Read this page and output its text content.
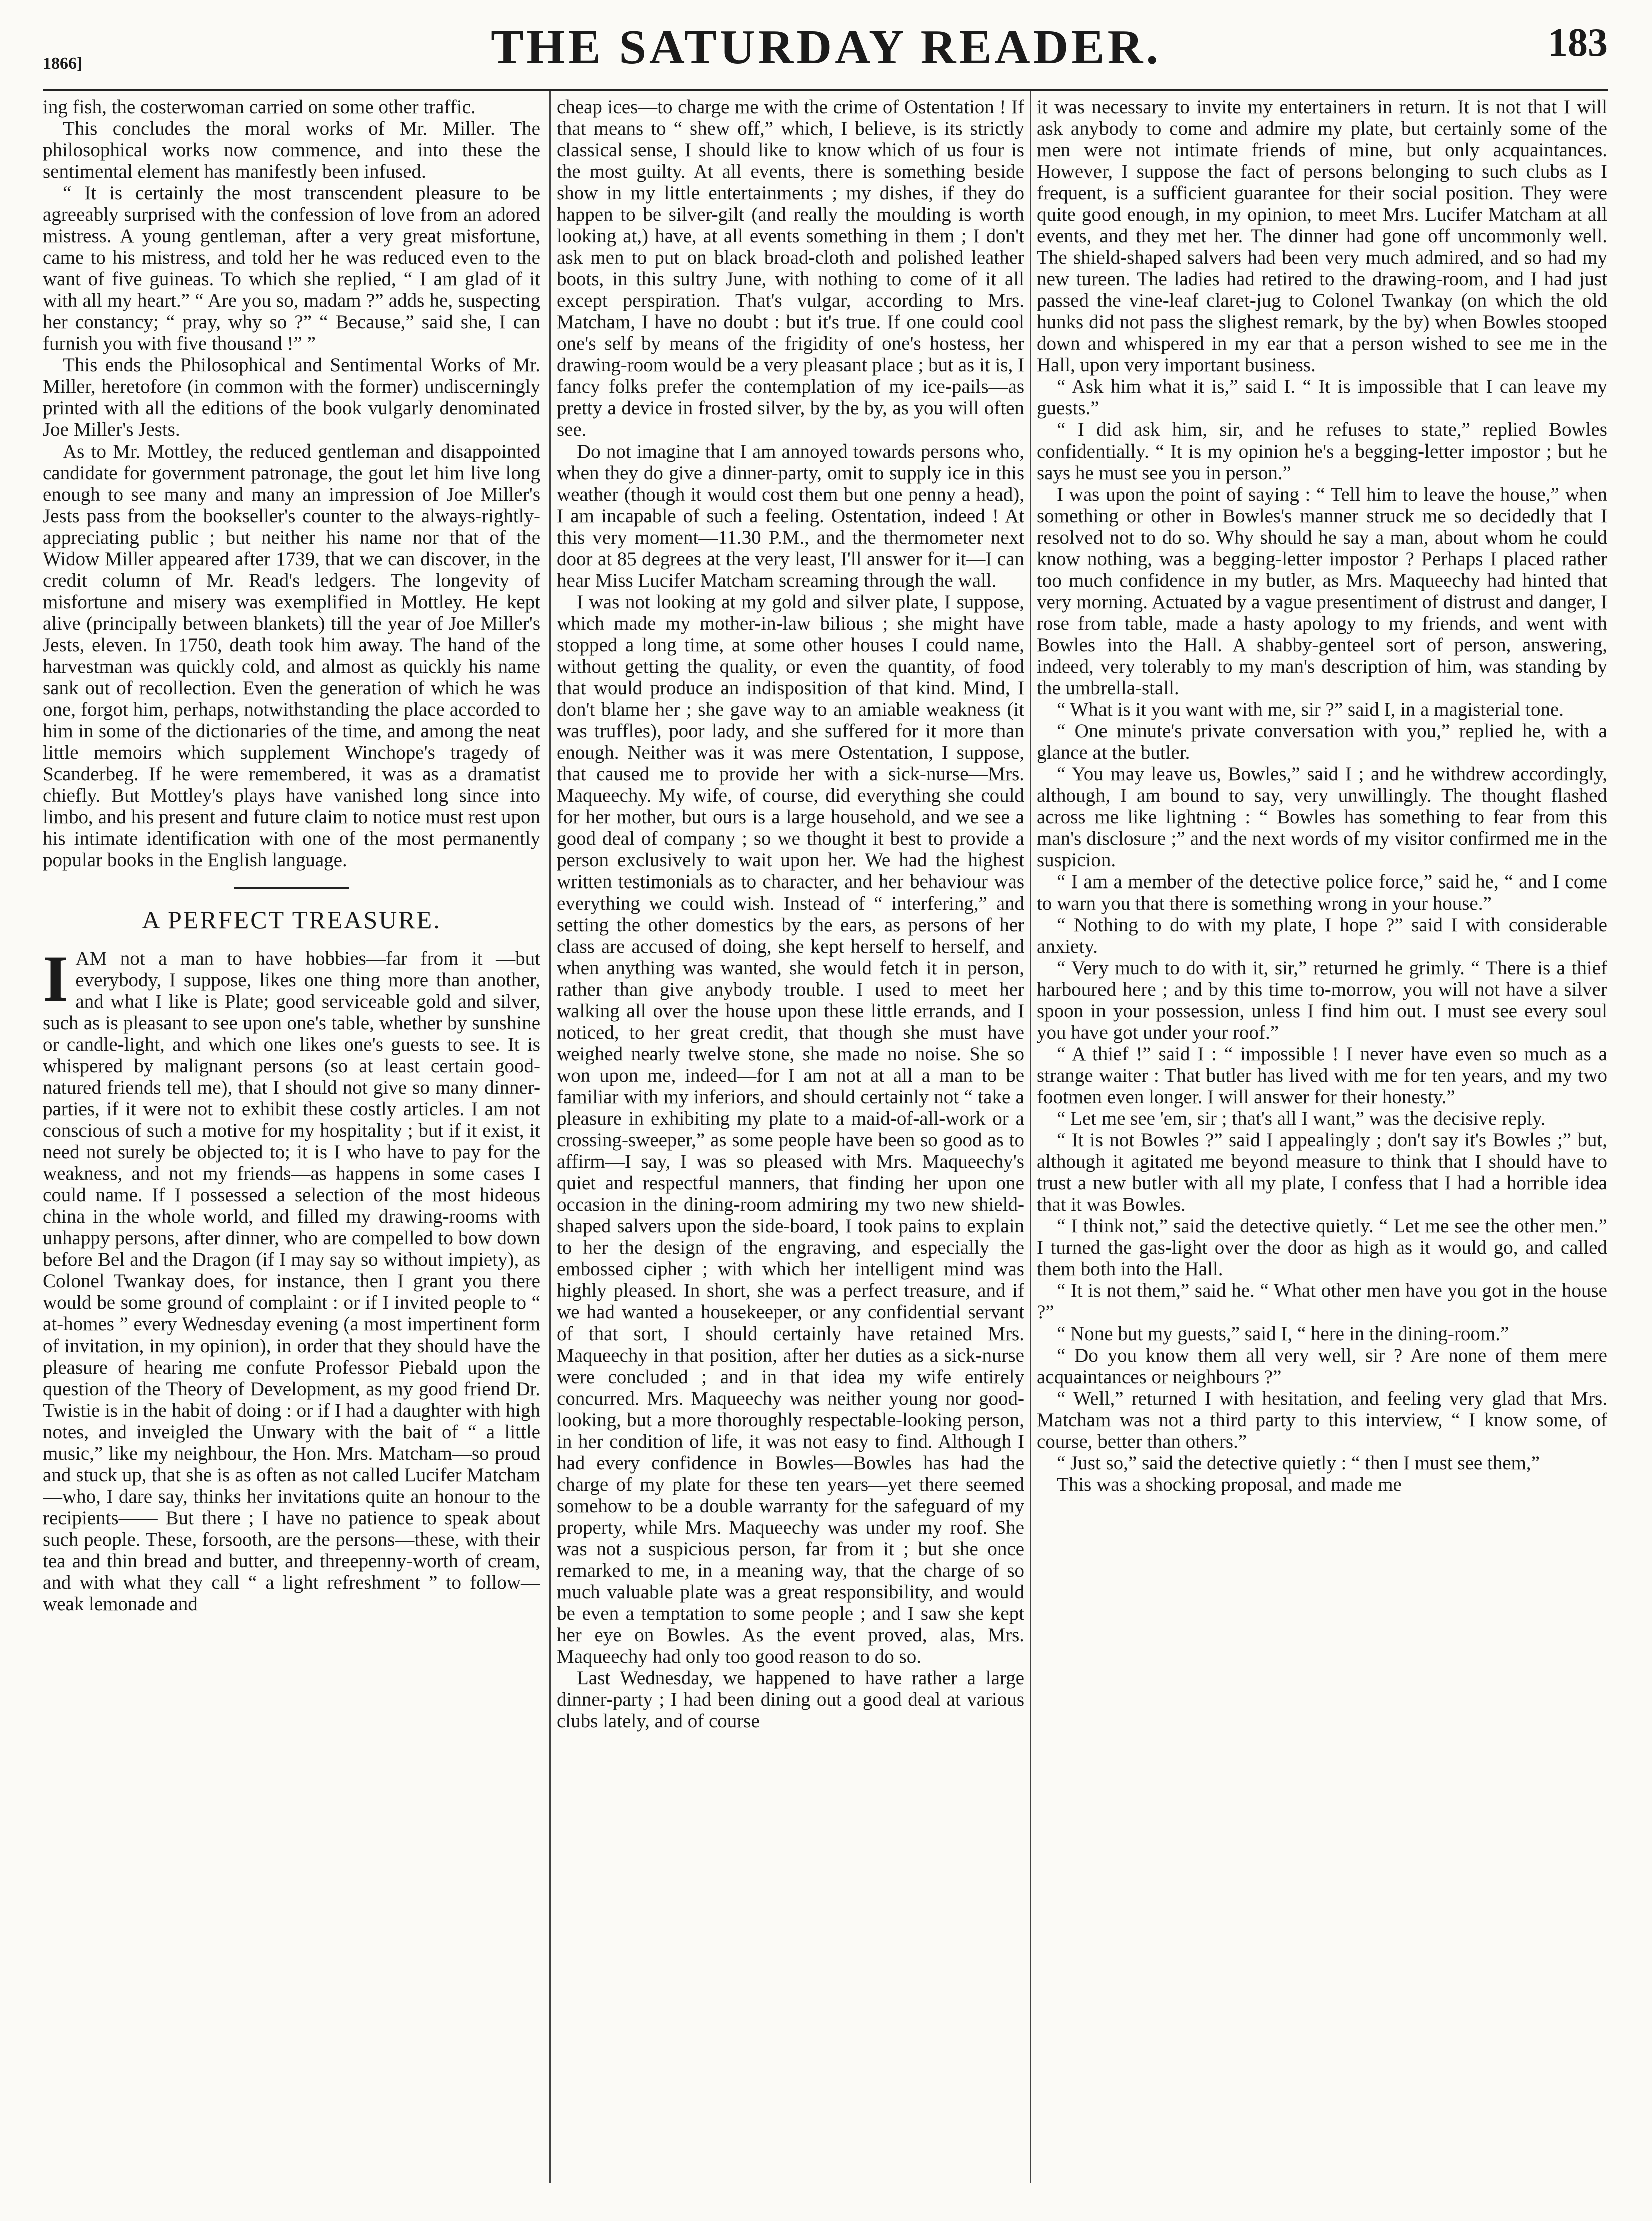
1866]	THE SATURDAY READER.	183

ing fish, the costerwoman carried on some other traffic.

This concludes the moral works of Mr. Miller. The philosophical works now commence, and into these the sentimental element has manifestly been infused.

“ It is certainly the most transcendent pleasure to be agreeably surprised with the confession of love from an adored mistress. A young gentleman, after a very great misfortune, came to his mistress, and told her he was reduced even to the want of five guineas. To which she replied, “ I am glad of it with all my heart.” “ Are you so, madam ?” adds he, suspecting her constancy; “ pray, why so ?” “ Because,” said she, I can furnish you with five thousand !” ”

This ends the Philosophical and Sentimental Works of Mr. Miller, heretofore (in common with the former) undiscerningly printed with all the editions of the book vulgarly denominated Joe Miller's Jests.

As to Mr. Mottley, the reduced gentleman and disappointed candidate for government patronage, the gout let him live long enough to see many and many an impression of Joe Miller's Jests pass from the bookseller's counter to the always-rightly-appreciating public ; but neither his name nor that of the Widow Miller appeared after 1739, that we can discover, in the credit column of Mr. Read's ledgers. The longevity of misfortune and misery was exemplified in Mottley. He kept alive (principally between blankets) till the year of Joe Miller's Jests, eleven. In 1750, death took him away. The hand of the harvestman was quickly cold, and almost as quickly his name sank out of recollection. Even the generation of which he was one, forgot him, perhaps, notwithstanding the place accorded to him in some of the dictionaries of the time, and among the neat little memoirs which supplement Winchope's tragedy of Scanderbeg. If he were remembered, it was as a dramatist chiefly. But Mottley's plays have vanished long since into limbo, and his present and future claim to notice must rest upon his intimate identification with one of the most permanently popular books in the English language.

A PERFECT TREASURE.

IAM not a man to have hobbies—far from it —but everybody, I suppose, likes one thing more than another, and what I like is Plate; good serviceable gold and silver, such as is pleasant to see upon one's table, whether by sunshine or candle-light, and which one likes one's guests to see. It is whispered by malignant persons (so at least certain good-natured friends tell me), that I should not give so many dinner-parties, if it were not to exhibit these costly articles. I am not conscious of such a motive for my hospitality ; but if it exist, it need not surely be objected to; it is I who have to pay for the weakness, and not my friends—as happens in some cases I could name. If I possessed a selection of the most hideous china in the whole world, and filled my drawing-rooms with unhappy persons, after dinner, who are compelled to bow down before Bel and the Dragon (if I may say so without impiety), as Colonel Twankay does, for instance, then I grant you there would be some ground of complaint : or if I invited people to “ at-homes ” every Wednesday evening (a most impertinent form of invitation, in my opinion), in order that they should have the pleasure of hearing me confute Professor Piebald upon the question of the Theory of Development, as my good friend Dr. Twistie is in the habit of doing : or if I had a daughter with high notes, and inveigled the Unwary with the bait of “ a little music,” like my neighbour, the Hon. Mrs. Matcham—so proud and stuck up, that she is as often as not called Lucifer Matcham—who, I dare say, thinks her invitations quite an honour to the recipients—— But there ; I have no patience to speak about such people. These, forsooth, are the persons—these, with their tea and thin bread and butter, and threepenny-worth of cream, and with what they call “ a light refreshment ” to follow—weak lemonade and

cheap ices—to charge me with the crime of Ostentation ! If that means to “ shew off,” which, I believe, is its strictly classical sense, I should like to know which of us four is the most guilty. At all events, there is something beside show in my little entertainments ; my dishes, if they do happen to be silver-gilt (and really the moulding is worth looking at,) have, at all events something in them ; I don't ask men to put on black broad-cloth and polished leather boots, in this sultry June, with nothing to come of it all except perspiration. That's vulgar, according to Mrs. Matcham, I have no doubt : but it's true. If one could cool one's self by means of the frigidity of one's hostess, her drawing-room would be a very pleasant place ; but as it is, I fancy folks prefer the contemplation of my ice-pails—as pretty a device in frosted silver, by the by, as you will often see.

Do not imagine that I am annoyed towards persons who, when they do give a dinner-party, omit to supply ice in this weather (though it would cost them but one penny a head), I am incapable of such a feeling. Ostentation, indeed ! At this very moment—11.30 P.M., and the thermometer next door at 85 degrees at the very least, I'll answer for it—I can hear Miss Lucifer Matcham screaming through the wall.

I was not looking at my gold and silver plate, I suppose, which made my mother-in-law bilious ; she might have stopped a long time, at some other houses I could name, without getting the quality, or even the quantity, of food that would produce an indisposition of that kind. Mind, I don't blame her ; she gave way to an amiable weakness (it was truffles), poor lady, and she suffered for it more than enough. Neither was it was mere Ostentation, I suppose, that caused me to provide her with a sick-nurse—Mrs. Maqueechy. My wife, of course, did everything she could for her mother, but ours is a large household, and we see a good deal of company ; so we thought it best to provide a person exclusively to wait upon her. We had the highest written testimonials as to character, and her behaviour was everything we could wish. Instead of “ interfering,” and setting the other domestics by the ears, as persons of her class are accused of doing, she kept herself to herself, and when anything was wanted, she would fetch it in person, rather than give anybody trouble. I used to meet her walking all over the house upon these little errands, and I noticed, to her great credit, that though she must have weighed nearly twelve stone, she made no noise. She so won upon me, indeed—for I am not at all a man to be familiar with my inferiors, and should certainly not “ take a pleasure in exhibiting my plate to a maid-of-all-work or a crossing-sweeper,” as some people have been so good as to affirm—I say, I was so pleased with Mrs. Maqueechy's quiet and respectful manners, that finding her upon one occasion in the dining-room admiring my two new shield-shaped salvers upon the side-board, I took pains to explain to her the design of the engraving, and especially the embossed cipher ; with which her intelligent mind was highly pleased. In short, she was a perfect treasure, and if we had wanted a housekeeper, or any confidential servant of that sort, I should certainly have retained Mrs. Maqueechy in that position, after her duties as a sick-nurse were concluded ; and in that idea my wife entirely concurred. Mrs. Maqueechy was neither young nor good-looking, but a more thoroughly respectable-looking person, in her condition of life, it was not easy to find. Although I had every confidence in Bowles—Bowles has had the charge of my plate for these ten years—yet there seemed somehow to be a double warranty for the safeguard of my property, while Mrs. Maqueechy was under my roof. She was not a suspicious person, far from it ; but she once remarked to me, in a meaning way, that the charge of so much valuable plate was a great responsibility, and would be even a temptation to some people ; and I saw she kept her eye on Bowles. As the event proved, alas, Mrs. Maqueechy had only too good reason to do so.

Last Wednesday, we happened to have rather a large dinner-party ; I had been dining out a good deal at various clubs lately, and of course

it was necessary to invite my entertainers in return. It is not that I will ask anybody to come and admire my plate, but certainly some of the men were not intimate friends of mine, but only acquaintances. However, I suppose the fact of persons belonging to such clubs as I frequent, is a sufficient guarantee for their social position. They were quite good enough, in my opinion, to meet Mrs. Lucifer Matcham at all events, and they met her. The dinner had gone off uncommonly well. The shield-shaped salvers had been very much admired, and so had my new tureen. The ladies had retired to the drawing-room, and I had just passed the vine-leaf claret-jug to Colonel Twankay (on which the old hunks did not pass the slighest remark, by the by) when Bowles stooped down and whispered in my ear that a person wished to see me in the Hall, upon very important business.

“ Ask him what it is,” said I. “ It is impossible that I can leave my guests.”

“ I did ask him, sir, and he refuses to state,” replied Bowles confidentially. “ It is my opinion he's a begging-letter impostor ; but he says he must see you in person.”

I was upon the point of saying : “ Tell him to leave the house,” when something or other in Bowles's manner struck me so decidedly that I resolved not to do so. Why should he say a man, about whom he could know nothing, was a begging-letter impostor ? Perhaps I placed rather too much confidence in my butler, as Mrs. Maqueechy had hinted that very morning. Actuated by a vague presentiment of distrust and danger, I rose from table, made a hasty apology to my friends, and went with Bowles into the Hall. A shabby-genteel sort of person, answering, indeed, very tolerably to my man's description of him, was standing by the umbrella-stall.

“ What is it you want with me, sir ?” said I, in a magisterial tone.

“ One minute's private conversation with you,” replied he, with a glance at the butler.

“ You may leave us, Bowles,” said I ; and he withdrew accordingly, although, I am bound to say, very unwillingly. The thought flashed across me like lightning : “ Bowles has something to fear from this man's disclosure ;” and the next words of my visitor confirmed me in the suspicion.

“ I am a member of the detective police force,” said he, “ and I come to warn you that there is something wrong in your house.”

“ Nothing to do with my plate, I hope ?” said I with considerable anxiety.

“ Very much to do with it, sir,” returned he grimly. “ There is a thief harboured here ; and by this time to-morrow, you will not have a silver spoon in your possession, unless I find him out. I must see every soul you have got under your roof.”

“ A thief !” said I : “ impossible ! I never have even so much as a strange waiter : That butler has lived with me for ten years, and my two footmen even longer. I will answer for their honesty.”

“ Let me see 'em, sir ; that's all I want,” was the decisive reply.

“ It is not Bowles ?” said I appealingly ; don't say it's Bowles ;” but, although it agitated me beyond measure to think that I should have to trust a new butler with all my plate, I confess that I had a horrible idea that it was Bowles.

“ I think not,” said the detective quietly. “ Let me see the other men.” I turned the gas-light over the door as high as it would go, and called them both into the Hall.

“ It is not them,” said he. “ What other men have you got in the house ?”

“ None but my guests,” said I, “ here in the dining-room.”

“ Do you know them all very well, sir ? Are none of them mere acquaintances or neighbours ?”

“ Well,” returned I with hesitation, and feeling very glad that Mrs. Matcham was not a third party to this interview, “ I know some, of course, better than others.”

“ Just so,” said the detective quietly : “ then I must see them,”

This was a shocking proposal, and made me
